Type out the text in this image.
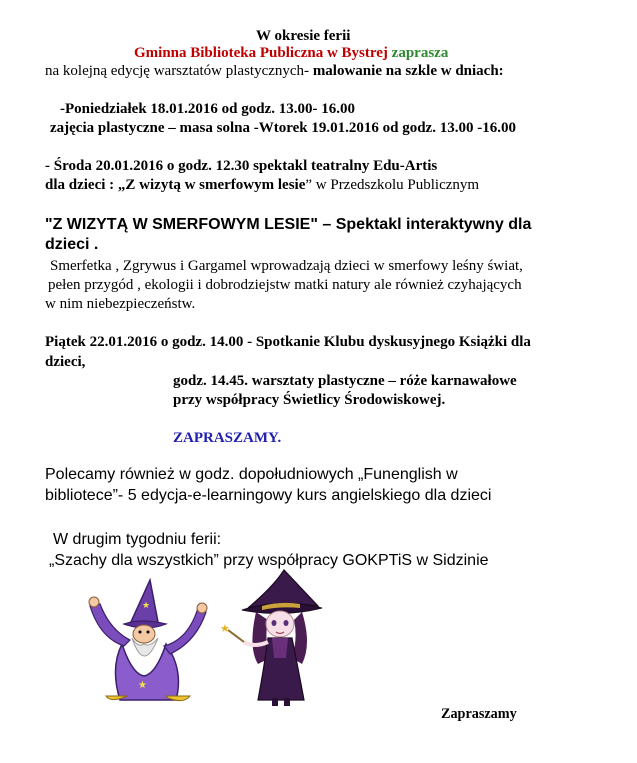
W okresie ferii
Gminna Biblioteka Publiczna w Bystrej zaprasza
na kolejną edycję warsztatów plastycznych- malowanie na szkle w dniach:
-Poniedziałek 18.01.2016 od godz. 13.00- 16.00
zajęcia plastyczne – masa solna -Wtorek 19.01.2016 od godz. 13.00 -16.00
- Środa 20.01.2016 o godz. 12.30 spektakl teatralny Edu-Artis
dla dzieci : „Z wizytą w smerfowym lesie” w Przedszkolu Publicznym
"Z WIZYTĄ W SMERFOWYM LESIE" – Spektakl interaktywny dla
dzieci .
Smerfetka , Zgrywus i Gargamel wprowadzają dzieci w smerfowy leśny świat,
pełen przygód , ekologii i dobrodziejstw matki natury ale również czyhających
w nim niebezpieczeństw.
Piątek 22.01.2016 o godz. 14.00 - Spotkanie Klubu dyskusyjnego Książki dla
dzieci,
godz. 14.45. warsztaty plastyczne – róże karnawałowe
przy współpracy Świetlicy Środowiskowej.
ZAPRASZAMY.
Polecamy również w godz. dopołudniowych „Funenglish w
bibliotece”- 5 edycja-e-learningowy kurs angielskiego dla dzieci
W drugim tygodniu ferii:
„Szachy dla wszystkich” przy współpracy GOKPTiS w Sidzinie
★
★
★
Zapraszamy
